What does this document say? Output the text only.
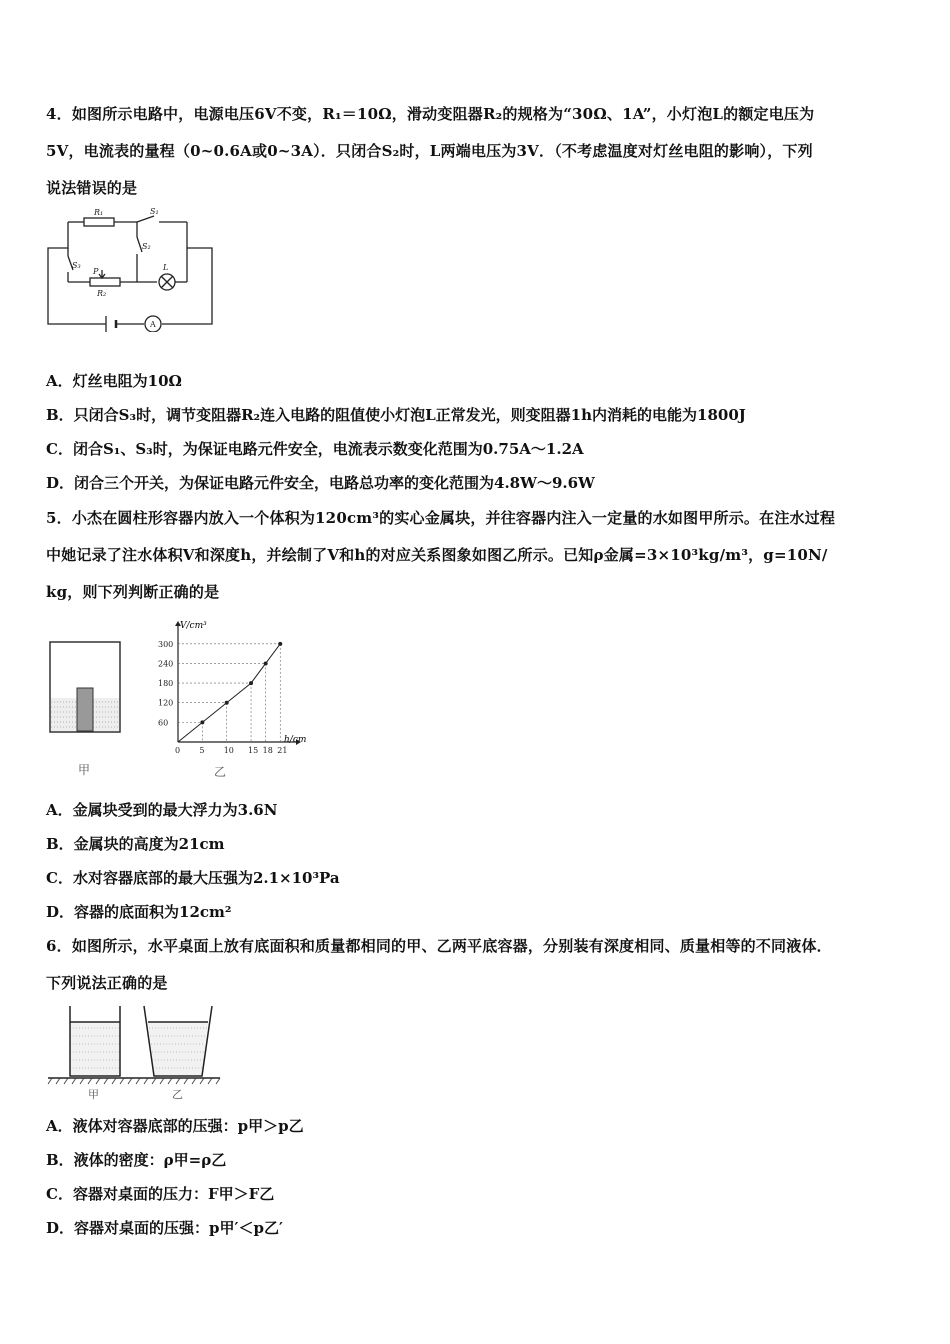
4．如图所示电路中，电源电压6V不变，R₁＝10Ω，滑动变阻器R₂的规格为“30Ω、1A”，小灯泡L的额定电压为
5V，电流表的量程（0~0.6A或0~3A）．只闭合S₂时，L两端电压为3V．（不考虑温度对灯丝电阻的影响），下列
说法错误的是
R₁	S₁
S₂
S₃
P
R₂
L
A
A．灯丝电阻为10Ω
B．只闭合S₃时，调节变阻器R₂连入电路的阻值使小灯泡L正常发光，则变阻器1h内消耗的电能为1800J
C．闭合S₁、S₃时，为保证电路元件安全，电流表示数变化范围为0.75A～1.2A
D．闭合三个开关，为保证电路元件安全，电路总功率的变化范围为4.8W～9.6W
5．小杰在圆柱形容器内放入一个体积为120cm³的实心金属块，并往容器内注入一定量的水如图甲所示。在注水过程
中她记录了注水体积V和深度h，并绘制了V和h的对应关系图象如图乙所示。已知ρ金属=3×10³kg/m³，g=10N/
kg，则下列判断正确的是
甲
0 5 10 15 18 21
60
120
180
240
300
V/cm³
h/cm
乙
A．金属块受到的最大浮力为3.6N
B．金属块的高度为21cm
C．水对容器底部的最大压强为2.1×10³Pa
D．容器的底面积为12cm²
6．如图所示，水平桌面上放有底面积和质量都相同的甲、乙两平底容器，分别装有深度相同、质量相等的不同液体．
下列说法正确的是
甲	乙
A．液体对容器底部的压强：p甲＞p乙
B．液体的密度：ρ甲=ρ乙
C．容器对桌面的压力：F甲＞F乙
D．容器对桌面的压强：p甲′＜p乙′
